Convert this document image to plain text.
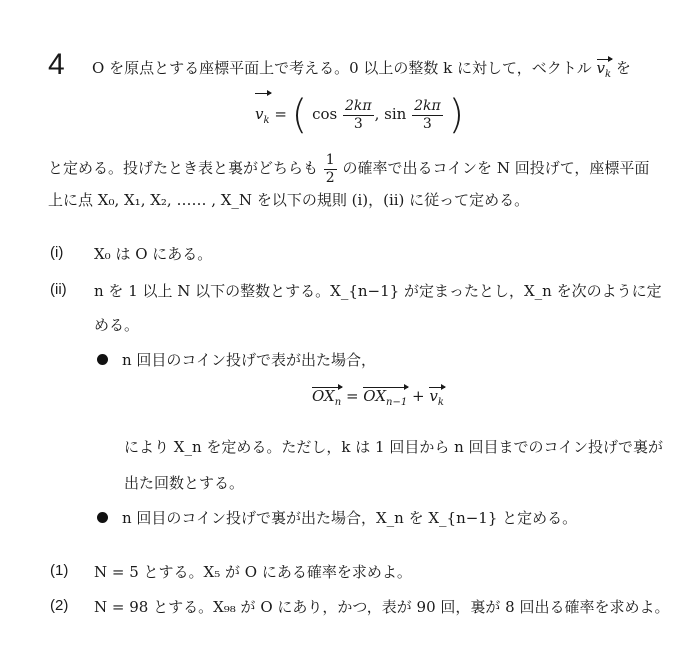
4 O を原点とする座標平面上で考える。0 以上の整数 k に対して，ベクトル $v_k$ を
$v_k$ = ( $\cos \frac{2k\pi}{3}$ , $\sin \frac{2k\pi}{3}$ )
と定める。投げたとき表と裏がどちらも $\frac{1}{2}$ の確率で出るコインを N 回投げて，座標平面
上に点 X₀, X₁, X₂, …… , X_N を以下の規則 (i)，(ii) に従って定める。
(i) X₀ は O にある。
(ii) n を 1 以上 N 以下の整数とする。X_{n−1} が定まったとし，X_n を次のように定
める。
n 回目のコイン投げで表が出た場合，
$OX_n = OX_{n-1} + v_k$
により X_n を定める。ただし，k は 1 回目から n 回目までのコイン投げで裏が
出た回数とする。
n 回目のコイン投げで裏が出た場合，X_n を X_{n−1} と定める。
(1) N = 5 とする。X₅ が O にある確率を求めよ。
(2) N = 98 とする。X₉₈ が O にあり，かつ，表が 90 回，裏が 8 回出る確率を求めよ。
